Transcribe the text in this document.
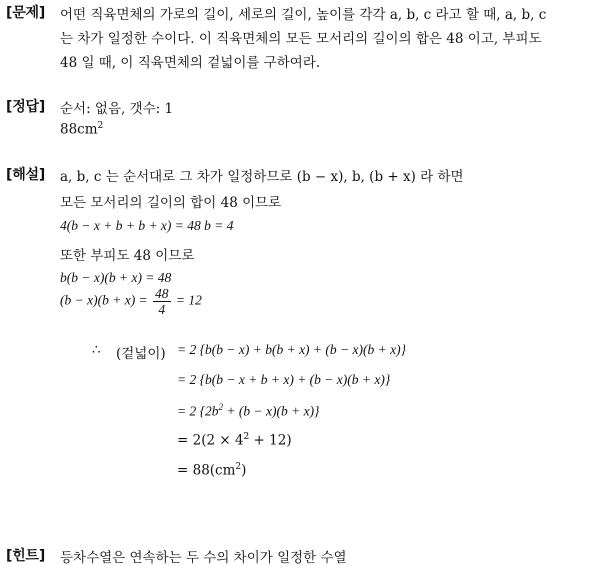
[문제] 어떤 직육면체의 가로의 길이, 세로의 길이, 높이를 각각 a, b, c 라고 할 때, a, b, c
는 차가 일정한 수이다. 이 직육면체의 모든 모서리의 길이의 합은 48 이고, 부피도
48 일 때, 이 직육면체의 겉넓이를 구하여라.
[정답] 순서: 없음, 갯수: 1
$88cm^2$
[해설] a, b, c 는 순서대로 그 차가 일정하므로 (b − x), b, (b + x) 라 하면
모든 모서리의 길이의 합이 48 이므로
4(b − x + b + b + x) = 48 b = 4
또한 부피도 48 이므로
b(b − x)(b + x) = 48
$(b - x)(b + x) = \frac{48}{4} = 12$
∴ (겉넓이) = 2 {b(b − x) + b(b + x) + (b − x)(b + x)}
= 2 {b(b − x + b + x) + (b − x)(b + x)}
= 2 $\{2b^2 + (b - x)(b + x)\}$
= $2(2 \times 4^2 + 12)$
= $88(cm^2)$
[힌트] 등차수열은 연속하는 두 수의 차이가 일정한 수열
